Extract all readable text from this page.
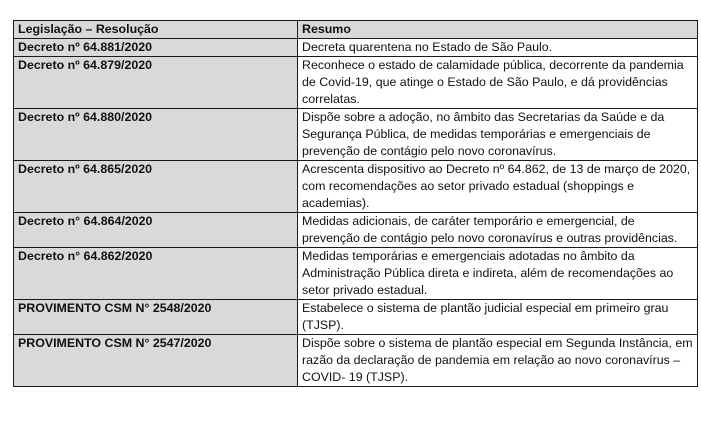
Legislação – Resolução	Resumo
Decreto nº 64.881/2020	Decreta quarentena no Estado de São Paulo.
Decreto nº 64.879/2020	Reconhece o estado de calamidade pública, decorrente da pandemia de Covid-19, que atinge o Estado de São Paulo, e dá providências correlatas.
Decreto nº 64.880/2020	Dispõe sobre a adoção, no âmbito das Secretarias da Saúde e da Segurança Pública, de medidas temporárias e emergenciais de prevenção de contágio pelo novo coronavírus.
Decreto nº 64.865/2020	Acrescenta dispositivo ao Decreto nº 64.862, de 13 de março de 2020, com recomendações ao setor privado estadual (shoppings e academias).
Decreto n° 64.864/2020	Medidas adicionais, de caráter temporário e emergencial, de prevenção de contágio pelo novo coronavírus e outras providências.
Decreto n° 64.862/2020	Medidas temporárias e emergenciais adotadas no âmbito da Administração Pública direta e indireta, além de recomendações ao setor privado estadual.
PROVIMENTO CSM N° 2548/2020	Estabelece o sistema de plantão judicial especial em primeiro grau (TJSP).
PROVIMENTO CSM N° 2547/2020	Dispõe sobre o sistema de plantão especial em Segunda Instância, em razão da declaração de pandemia em relação ao novo coronavírus – COVID- 19 (TJSP).
